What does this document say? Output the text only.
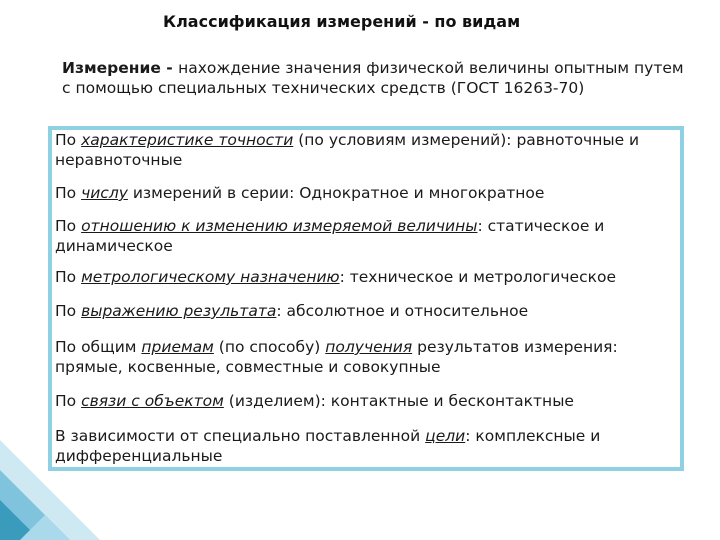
Классификация измерений - по видам
Измерение - нахождение значения физической величины опытным путем с помощью специальных технических средств (ГОСТ 16263-70)
По характеристике точности (по условиям измерений): равноточные и неравноточные
По числу измерений в серии: Однократное и многократное
По отношению к изменению измеряемой величины: статическое и динамическое
По метрологическому назначению: техническое и метрологическое
По выражению результата: абсолютное и относительное
По общим приемам (по способу) получения результатов измерения: прямые, косвенные, совместные и совокупные
По связи с объектом (изделием): контактные и бесконтактные
В зависимости от специально поставленной цели: комплексные и дифференциальные
